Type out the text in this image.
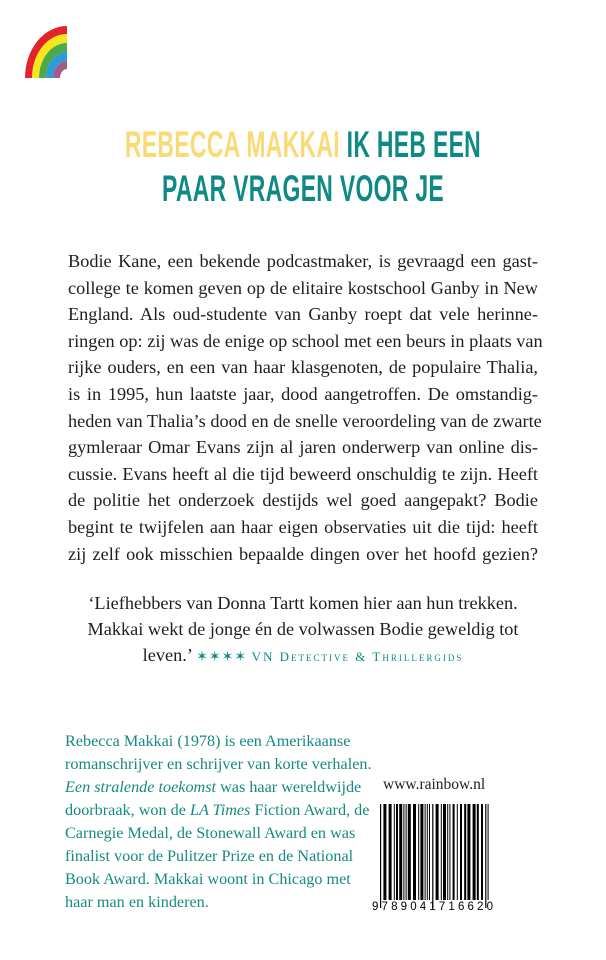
REBECCA MAKKAI IK HEB EEN
PAAR VRAGEN VOOR JE
Bodie Kane, een bekende podcastmaker, is gevraagd een gast-
college te komen geven op de elitaire kostschool Ganby in New
England. Als oud-studente van Ganby roept dat vele herinne-
ringen op: zij was de enige op school met een beurs in plaats van
rijke ouders, en een van haar klasgenoten, de populaire Thalia,
is in 1995, hun laatste jaar, dood aangetroffen. De omstandig-
heden van Thalia’s dood en de snelle veroordeling van de zwarte
gymleraar Omar Evans zijn al jaren onderwerp van online dis-
cussie. Evans heeft al die tijd beweerd onschuldig te zijn. Heeft
de politie het onderzoek destijds wel goed aangepakt? Bodie
begint te twijfelen aan haar eigen observaties uit die tijd: heeft
zij zelf ook misschien bepaalde dingen over het hoofd gezien?
‘Liefhebbers van Donna Tartt komen hier aan hun trekken.
Makkai wekt de jonge én de volwassen Bodie geweldig tot
leven.’ ✶✶✶✶ VN Detective & Thrillergids
Rebecca Makkai (1978) is een Amerikaanse
romanschrijver en schrijver van korte verhalen.
Een stralende toekomst was haar wereldwijde
doorbraak, won de LA Times Fiction Award, de
Carnegie Medal, de Stonewall Award en was
finalist voor de Pulitzer Prize en de National
Book Award. Makkai woont in Chicago met
haar man en kinderen.
www.rainbow.nl
9789041716620
